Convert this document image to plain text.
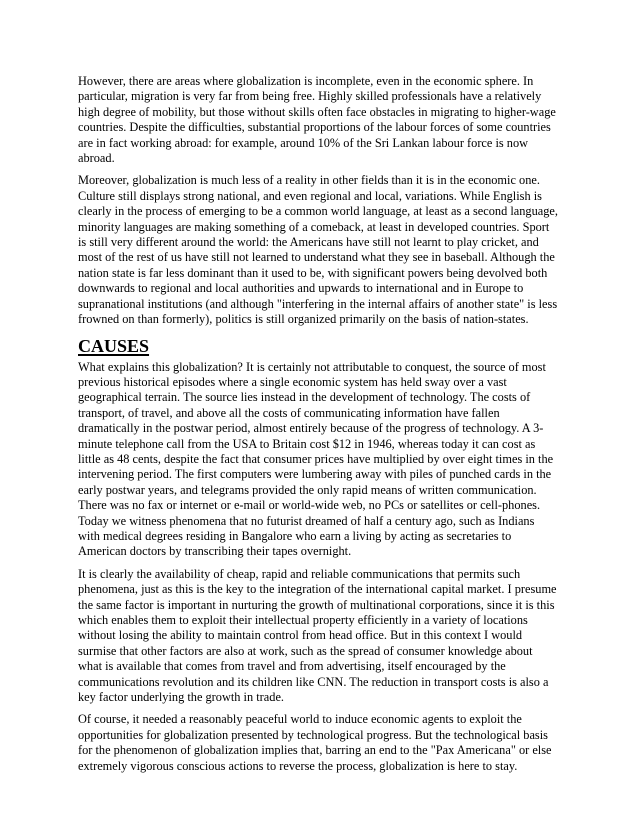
However, there are areas where globalization is incomplete, even in the economic sphere. In
particular, migration is very far from being free. Highly skilled professionals have a relatively
high degree of mobility, but those without skills often face obstacles in migrating to higher-wage
countries. Despite the difficulties, substantial proportions of the labour forces of some countries
are in fact working abroad: for example, around 10% of the Sri Lankan labour force is now
abroad.
Moreover, globalization is much less of a reality in other fields than it is in the economic one.
Culture still displays strong national, and even regional and local, variations. While English is
clearly in the process of emerging to be a common world language, at least as a second language,
minority languages are making something of a comeback, at least in developed countries. Sport
is still very different around the world: the Americans have still not learnt to play cricket, and
most of the rest of us have still not learned to understand what they see in baseball. Although the
nation state is far less dominant than it used to be, with significant powers being devolved both
downwards to regional and local authorities and upwards to international and in Europe to
supranational institutions (and although "interfering in the internal affairs of another state" is less
frowned on than formerly), politics is still organized primarily on the basis of nation-states.
CAUSES
What explains this globalization? It is certainly not attributable to conquest, the source of most
previous historical episodes where a single economic system has held sway over a vast
geographical terrain. The source lies instead in the development of technology. The costs of
transport, of travel, and above all the costs of communicating information have fallen
dramatically in the postwar period, almost entirely because of the progress of technology. A 3-
minute telephone call from the USA to Britain cost $12 in 1946, whereas today it can cost as
little as 48 cents, despite the fact that consumer prices have multiplied by over eight times in the
intervening period. The first computers were lumbering away with piles of punched cards in the
early postwar years, and telegrams provided the only rapid means of written communication.
There was no fax or internet or e-mail or world-wide web, no PCs or satellites or cell-phones.
Today we witness phenomena that no futurist dreamed of half a century ago, such as Indians
with medical degrees residing in Bangalore who earn a living by acting as secretaries to
American doctors by transcribing their tapes overnight.
It is clearly the availability of cheap, rapid and reliable communications that permits such
phenomena, just as this is the key to the integration of the international capital market. I presume
the same factor is important in nurturing the growth of multinational corporations, since it is this
which enables them to exploit their intellectual property efficiently in a variety of locations
without losing the ability to maintain control from head office. But in this context I would
surmise that other factors are also at work, such as the spread of consumer knowledge about
what is available that comes from travel and from advertising, itself encouraged by the
communications revolution and its children like CNN. The reduction in transport costs is also a
key factor underlying the growth in trade.
Of course, it needed a reasonably peaceful world to induce economic agents to exploit the
opportunities for globalization presented by technological progress. But the technological basis
for the phenomenon of globalization implies that, barring an end to the "Pax Americana" or else
extremely vigorous conscious actions to reverse the process, globalization is here to stay.
